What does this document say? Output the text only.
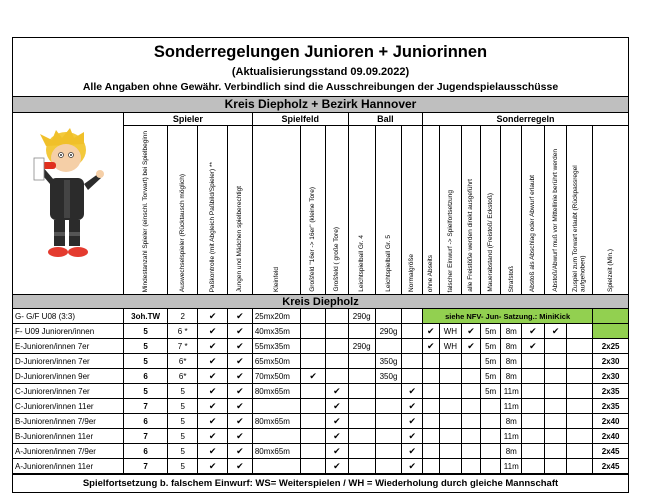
Sonderregelungen Junioren + Juniorinnen
(Aktualisierungsstand 09.09.2022)
Alle Angaben ohne Gewähr. Verbindlich sind die Ausschreibungen der Jugendspielausschüsse
Kreis Diepholz + Bezirk Hannover
	Spieler				Spielfeld			Ball			Sonderregeln								

	Mindestanzahl Spieler (einschl. Torwart) bei Spielbeginn	Auswechselspieler (Rücktausch möglich)	Paßkontrolle (mit Abgleich Paßbild/Spieler) **	Jungen und Mädchen spielberechtigt	Kleinfeld	Großfeld "16er -> 16er" (kleine Tore)	Großfeld ( große Tore)	Leichtspielball Gr. 4	Leichtspielball Gr. 5	Normalgröße	ohne Abseits	falscher Einwurf -> Spielfortsetzung	alle Freistöße werden direkt ausgeführt	Mauerabstand (Freistoß/ Eckstoß)	Strafstoß	Abstoß als Abschlag oder Abwurf erlaubt	Abstoß/Abwurf muß vor Mittellinie berührt werden	Zuspiel zum Torwart erlaubt (Rückpassregel aufgehoben)	Spielzeit (Min.)

Kreis Diepholz																			
G- G/F U08 (3:3)	3oh.TW	2	✔	✔	25mx20m			290g			siehe NFV- Jun- Satzung.: MiniKick								
F- U09 Junioren/innen	5	6 *	✔	✔	40mx35m				290g		✔	WH	✔	5m	8m	✔	✔		
E-Junioren/innen 7er	5	7 *	✔	✔	55mx35m			290g			✔	WH	✔	5m	8m	✔			2x25
D-Junioren/innen 7er	5	6*	✔	✔	65mx50m				350g					5m	8m				2x30
D-Junioren/innen 9er	6	6*	✔	✔	70mx50m	✔			350g					5m	8m				2x30
C-Junioren/innen 7er	5	5	✔	✔	80mx65m		✔			✔				5m	11m				2x35
C-Junioren/innen 11er	7	5	✔	✔			✔			✔					11m				2x35
B-Junioren/innen 7/9er	6	5	✔	✔	80mx65m		✔			✔					8m				2x40
B-Junioren/innen 11er	7	5	✔	✔			✔			✔					11m				2x40
A-Junioren/innen 7/9er	6	5	✔	✔	80mx65m		✔			✔					8m				2x45
A-Junioren/innen 11er	7	5	✔	✔			✔			✔					11m				2x45
Spielfortsetzung b. falschem Einwurf: WS= Weiterspielen / WH = Wiederholung durch gleiche Mannschaft
